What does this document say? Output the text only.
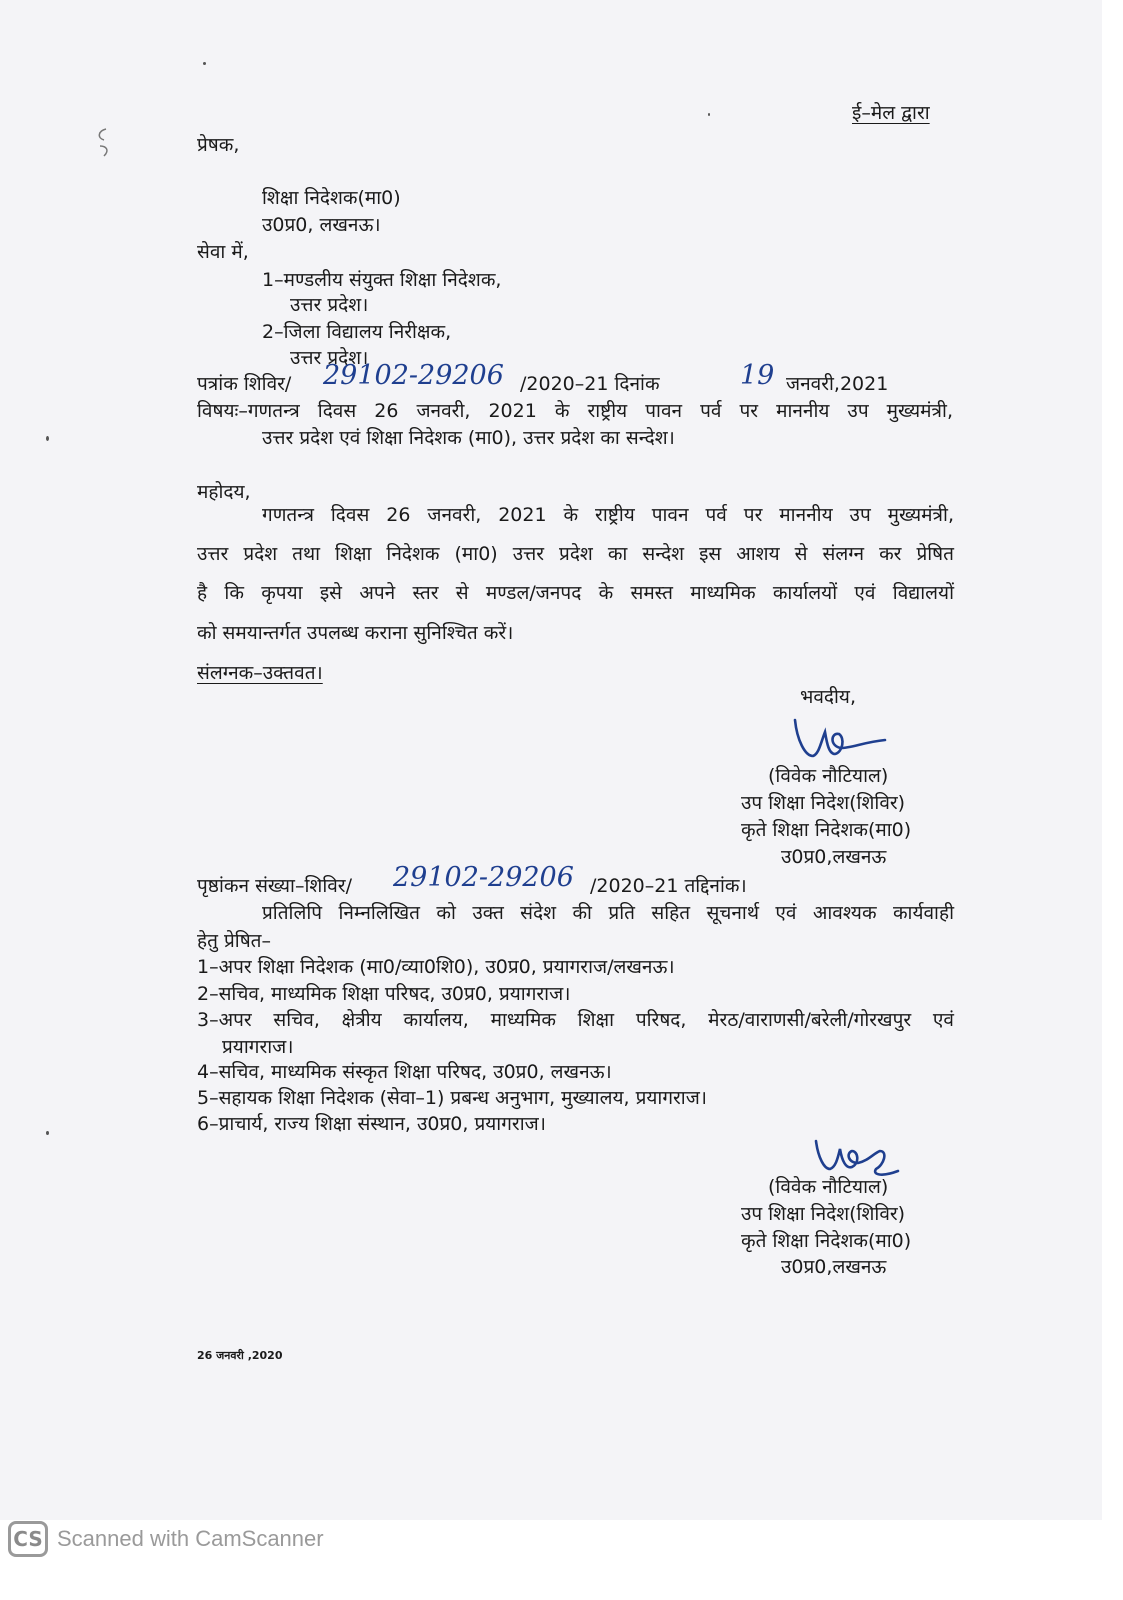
ई–मेल द्वारा
प्रेषक,
शिक्षा निदेशक(मा0)
उ0प्र0, लखनऊ।
सेवा में,
1–मण्डलीय संयुक्त शिक्षा निदेशक,
उत्तर प्रदेश।
2–जिला विद्यालय निरीक्षक,
उत्तर प्रदेश।
पत्रांक शिविर/ 29102-29206 /2020–21 दिनांक	19 जनवरी,2021
विषयः–गणतन्त्र दिवस 26 जनवरी, 2021 के राष्ट्रीय पावन पर्व पर माननीय उप मुख्यमंत्री,
उत्तर प्रदेश एवं शिक्षा निदेशक (मा0), उत्तर प्रदेश का सन्देश।
महोदय,
गणतन्त्र दिवस 26 जनवरी, 2021 के राष्ट्रीय पावन पर्व पर माननीय उप मुख्यमंत्री,
उत्तर प्रदेश तथा शिक्षा निदेशक (मा0) उत्तर प्रदेश का सन्देश इस आशय से संलग्न कर प्रेषित
है कि कृपया इसे अपने स्तर से मण्डल/जनपद के समस्त माध्यमिक कार्यालयों एवं विद्यालयों
को समयान्तर्गत उपलब्ध कराना सुनिश्चित करें।
संलग्नक–उक्तवत।
भवदीय,
(विवेक नौटियाल)
उप शिक्षा निदेश(शिविर)
कृते शिक्षा निदेशक(मा0)
उ0प्र0,लखनऊ
पृष्ठांकन संख्या–शिविर/ 29102-29206 /2020–21 तद्दिनांक।
प्रतिलिपि निम्नलिखित को उक्त संदेश की प्रति सहित सूचनार्थ एवं आवश्यक कार्यवाही
हेतु प्रेषित–
1–अपर शिक्षा निदेशक (मा0/व्या0शि0), उ0प्र0, प्रयागराज/लखनऊ।
2–सचिव, माध्यमिक शिक्षा परिषद, उ0प्र0, प्रयागराज।
3–अपर सचिव, क्षेत्रीय कार्यालय, माध्यमिक शिक्षा परिषद, मेरठ/वाराणसी/बरेली/गोरखपुर एवं
प्रयागराज।
4–सचिव, माध्यमिक संस्कृत शिक्षा परिषद, उ0प्र0, लखनऊ।
5–सहायक शिक्षा निदेशक (सेवा–1) प्रबन्ध अनुभाग, मुख्यालय, प्रयागराज।
6–प्राचार्य, राज्य शिक्षा संस्थान, उ0प्र0, प्रयागराज।
(विवेक नौटियाल)
उप शिक्षा निदेश(शिविर)
कृते शिक्षा निदेशक(मा0)
उ0प्र0,लखनऊ
26 जनवरी ,2020
CS Scanned with CamScanner
